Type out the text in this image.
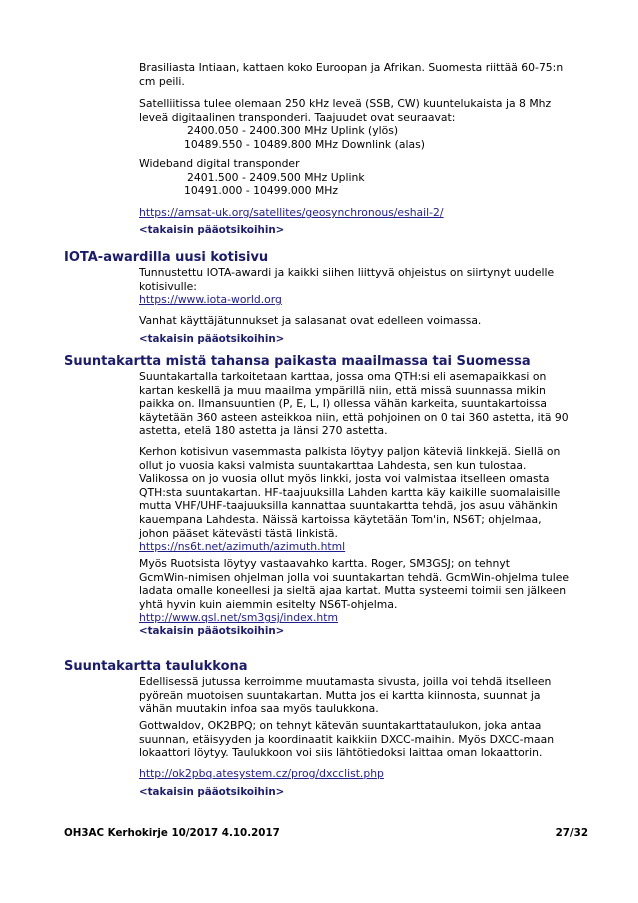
Brasiliasta Intiaan, kattaen koko Euroopan ja Afrikan. Suomesta riittää 60-75:n
cm peili.
Satelliitissa tulee olemaan 250 kHz leveä (SSB, CW) kuuntelukaista ja 8 Mhz
leveä digitaalinen transponderi. Taajuudet ovat seuraavat:
2400.050 - 2400.300 MHz Uplink (ylös)
10489.550 - 10489.800 MHz Downlink (alas)
Wideband digital transponder
2401.500 - 2409.500 MHz Uplink
10491.000 - 10499.000 MHz
https://amsat-uk.org/satellites/geosynchronous/eshail-2/
<takaisin pääotsikoihin>
IOTA-awardilla uusi kotisivu
Tunnustettu IOTA-awardi ja kaikki siihen liittyvä ohjeistus on siirtynyt uudelle
kotisivulle:
https://www.iota-world.org
Vanhat käyttäjätunnukset ja salasanat ovat edelleen voimassa.
<takaisin pääotsikoihin>
Suuntakartta mistä tahansa paikasta maailmassa tai Suomessa
Suuntakartalla tarkoitetaan karttaa, jossa oma QTH:si eli asemapaikkasi on
kartan keskellä ja muu maailma ympärillä niin, että missä suunnassa mikin
paikka on. Ilmansuuntien (P, E, L, I) ollessa vähän karkeita, suuntakartoissa
käytetään 360 asteen asteikkoa niin, että pohjoinen on 0 tai 360 astetta, itä 90
astetta, etelä 180 astetta ja länsi 270 astetta.
Kerhon kotisivun vasemmasta palkista löytyy paljon käteviä linkkejä. Siellä on
ollut jo vuosia kaksi valmista suuntakarttaa Lahdesta, sen kun tulostaa.
Valikossa on jo vuosia ollut myös linkki, josta voi valmistaa itselleen omasta
QTH:sta suuntakartan. HF-taajuuksilla Lahden kartta käy kaikille suomalaisille
mutta VHF/UHF-taajuuksilla kannattaa suuntakartta tehdä, jos asuu vähänkin
kauempana Lahdesta. Näissä kartoissa käytetään Tom'in, NS6T; ohjelmaa,
johon pääset kätevästi tästä linkistä.
https://ns6t.net/azimuth/azimuth.html
Myös Ruotsista löytyy vastaavahko kartta. Roger, SM3GSJ; on tehnyt
GcmWin-nimisen ohjelman jolla voi suuntakartan tehdä. GcmWin-ohjelma tulee
ladata omalle koneellesi ja sieltä ajaa kartat. Mutta systeemi toimii sen jälkeen
yhtä hyvin kuin aiemmin esitelty NS6T-ohjelma.
http://www.qsl.net/sm3gsj/index.htm
<takaisin pääotsikoihin>
Suuntakartta taulukkona
Edellisessä jutussa kerroimme muutamasta sivusta, joilla voi tehdä itselleen
pyöreän muotoisen suuntakartan. Mutta jos ei kartta kiinnosta, suunnat ja
vähän muutakin infoa saa myös taulukkona.
Gottwaldov, OK2BPQ; on tehnyt kätevän suuntakarttataulukon, joka antaa
suunnan, etäisyyden ja koordinaatit kaikkiin DXCC-maihin. Myös DXCC-maan
lokaattori löytyy. Taulukkoon voi siis lähtötiedoksi laittaa oman lokaattorin.
http://ok2pbq.atesystem.cz/prog/dxcclist.php
<takaisin pääotsikoihin>
OH3AC Kerhokirje 10/2017 4.10.2017	27/32
